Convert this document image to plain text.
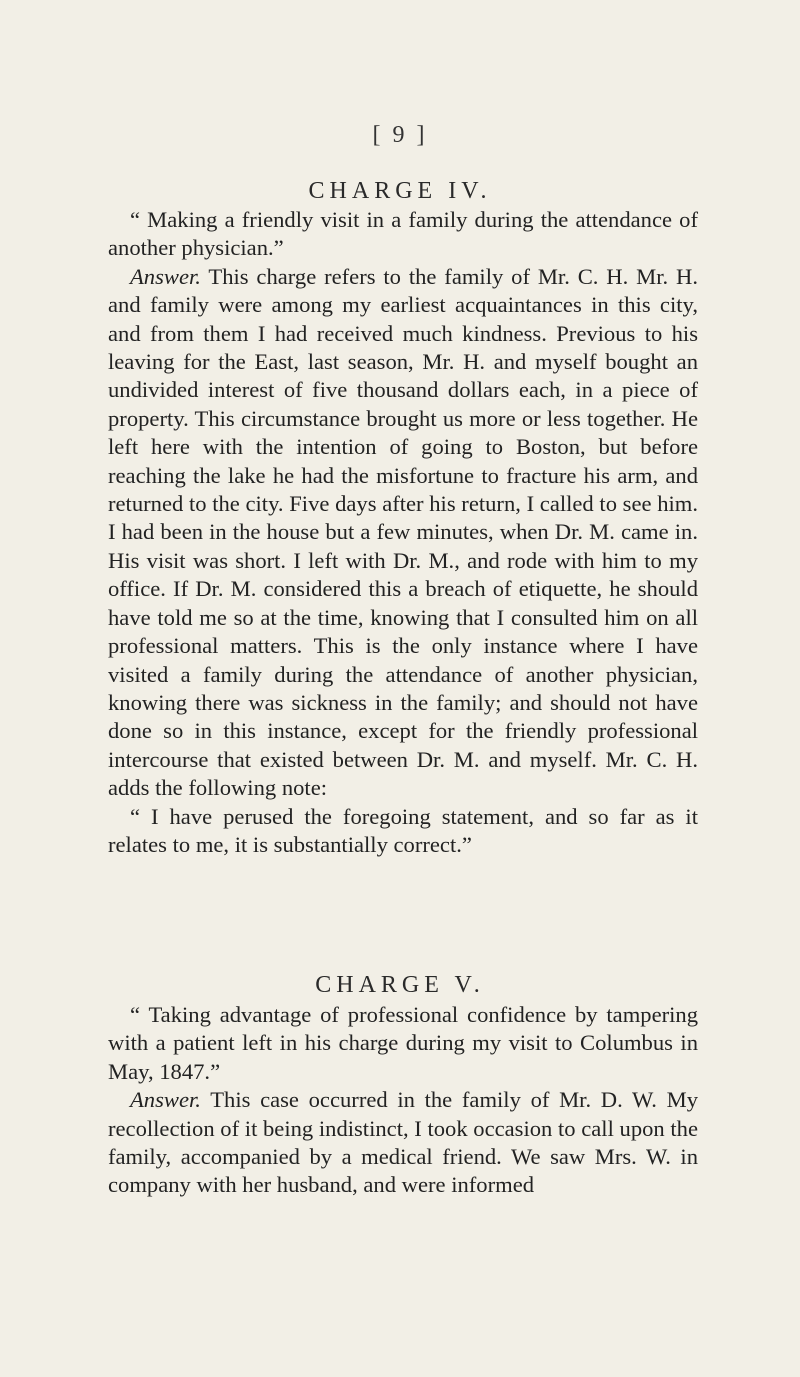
[ 9 ]
CHARGE IV.

“ Making a friendly visit in a family during the attendance of another physician.”

Answer. This charge refers to the family of Mr. C. H. Mr. H. and family were among my earliest acquaintances in this city, and from them I had received much kindness. Previous to his leaving for the East, last season, Mr. H. and myself bought an undivided interest of five thousand dollars each, in a piece of property. This circumstance brought us more or less together. He left here with the intention of going to Boston, but before reaching the lake he had the misfortune to fracture his arm, and returned to the city. Five days after his return, I called to see him. I had been in the house but a few minutes, when Dr. M. came in. His visit was short. I left with Dr. M., and rode with him to my office. If Dr. M. considered this a breach of etiquette, he should have told me so at the time, knowing that I consulted him on all professional matters. This is the only instance where I have visited a family during the attendance of another physician, knowing there was sickness in the family; and should not have done so in this instance, except for the friendly professional intercourse that existed between Dr. M. and myself. Mr. C. H. adds the following note:

“ I have perused the foregoing statement, and so far as it relates to me, it is substantially correct.”

CHARGE V.

“ Taking advantage of professional confidence by tampering with a patient left in his charge during my visit to Columbus in May, 1847.”

Answer. This case occurred in the family of Mr. D. W. My recollection of it being indistinct, I took occasion to call upon the family, accompanied by a medical friend. We saw Mrs. W. in company with her husband, and were informed
